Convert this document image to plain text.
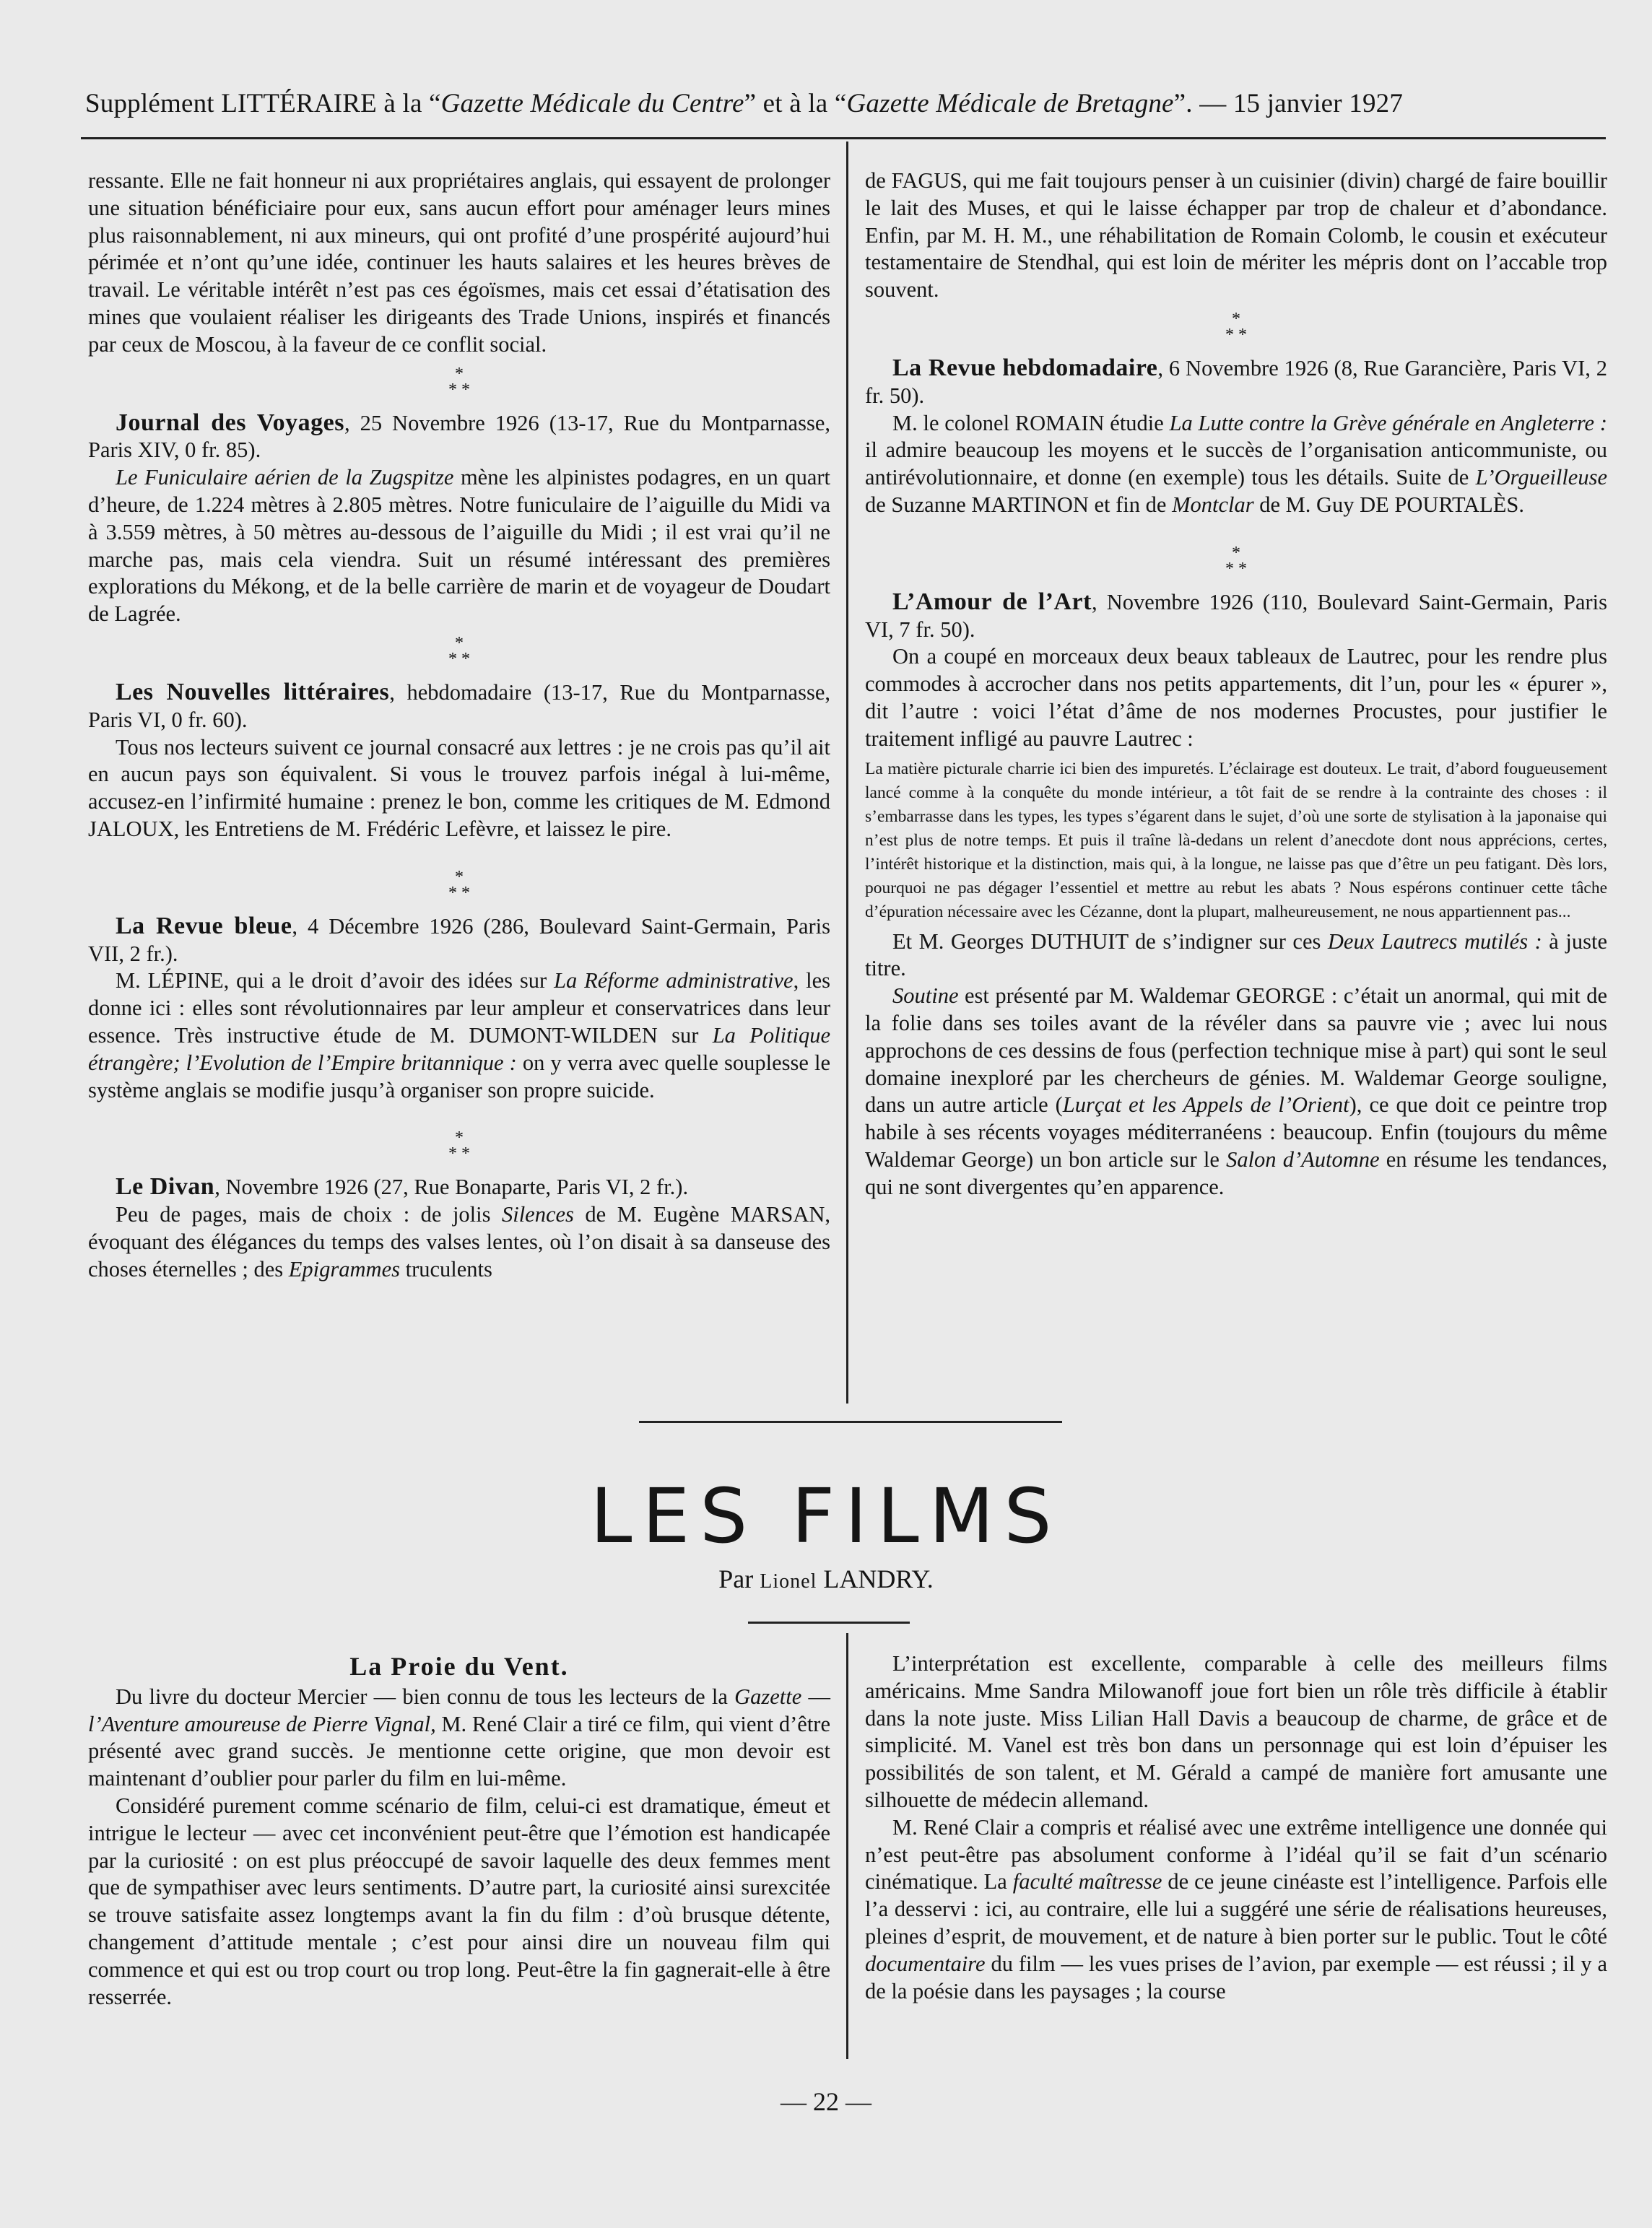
Supplément LITTÉRAIRE à la “Gazette Médicale du Centre” et à la “Gazette Médicale de Bretagne”. — 15 janvier 1927

ressante. Elle ne fait honneur ni aux propriétaires anglais, qui essayent de prolonger une situation bénéficiaire pour eux, sans aucun effort pour aménager leurs mines plus raisonnablement, ni aux mineurs, qui ont profité d’une prospérité aujourd’hui périmée et n’ont qu’une idée, continuer les hauts salaires et les heures brèves de travail. Le véritable intérêt n’est pas ces égoïsmes, mais cet essai d’étatisation des mines que voulaient réaliser les dirigeants des Trade Unions, inspirés et financés par ceux de Moscou, à la faveur de ce conflit social.

*
* *

Journal des Voyages, 25 Novembre 1926 (13-17, Rue du Montparnasse, Paris XIV, 0 fr. 85).

Le Funiculaire aérien de la Zugspitze mène les alpinistes podagres, en un quart d’heure, de 1.224 mètres à 2.805 mètres. Notre funiculaire de l’aiguille du Midi va à 3.559 mètres, à 50 mètres au-dessous de l’aiguille du Midi ; il est vrai qu’il ne marche pas, mais cela viendra. Suit un résumé intéressant des premières explorations du Mékong, et de la belle carrière de marin et de voyageur de Doudart de Lagrée.

*
* *

Les Nouvelles littéraires, hebdomadaire (13-17, Rue du Montparnasse, Paris VI, 0 fr. 60).

Tous nos lecteurs suivent ce journal consacré aux lettres : je ne crois pas qu’il ait en aucun pays son équivalent. Si vous le trouvez parfois inégal à lui-même, accusez-en l’infirmité humaine : prenez le bon, comme les critiques de M. Edmond JALOUX, les Entretiens de M. Frédéric Lefèvre, et laissez le pire.

*
* *

La Revue bleue, 4 Décembre 1926 (286, Boulevard Saint-Germain, Paris VII, 2 fr.).

M. LÉPINE, qui a le droit d’avoir des idées sur La Réforme administrative, les donne ici : elles sont révolutionnaires par leur ampleur et conservatrices dans leur essence. Très instructive étude de M. DUMONT-WILDEN sur La Politique étrangère; l’Evolution de l’Empire britannique : on y verra avec quelle souplesse le système anglais se modifie jusqu’à organiser son propre suicide.

*
* *

Le Divan, Novembre 1926 (27, Rue Bonaparte, Paris VI, 2 fr.).

Peu de pages, mais de choix : de jolis Silences de M. Eugène MARSAN, évoquant des élégances du temps des valses lentes, où l’on disait à sa danseuse des choses éternelles ; des Epigrammes truculents

de FAGUS, qui me fait toujours penser à un cuisinier (divin) chargé de faire bouillir le lait des Muses, et qui le laisse échapper par trop de chaleur et d’abondance. Enfin, par M. H. M., une réhabilitation de Romain Colomb, le cousin et exécuteur testamentaire de Stendhal, qui est loin de mériter les mépris dont on l’accable trop souvent.

*
* *

La Revue hebdomadaire, 6 Novembre 1926 (8, Rue Garancière, Paris VI, 2 fr. 50).

M. le colonel ROMAIN étudie La Lutte contre la Grève générale en Angleterre : il admire beaucoup les moyens et le succès de l’organisation anticommuniste, ou antirévolutionnaire, et donne (en exemple) tous les détails. Suite de L’Orgueilleuse de Suzanne MARTINON et fin de Montclar de M. Guy DE POURTALÈS.

*
* *

L’Amour de l’Art, Novembre 1926 (110, Boulevard Saint-Germain, Paris VI, 7 fr. 50).

On a coupé en morceaux deux beaux tableaux de Lautrec, pour les rendre plus commodes à accrocher dans nos petits appartements, dit l’un, pour les « épurer », dit l’autre : voici l’état d’âme de nos modernes Procustes, pour justifier le traitement infligé au pauvre Lautrec :

La matière picturale charrie ici bien des impuretés. L’éclairage est douteux. Le trait, d’abord fougueusement lancé comme à la conquête du monde intérieur, a tôt fait de se rendre à la contrainte des choses : il s’embarrasse dans les types, les types s’égarent dans le sujet, d’où une sorte de stylisation à la japonaise qui n’est plus de notre temps. Et puis il traîne là-dedans un relent d’anecdote dont nous apprécions, certes, l’intérêt historique et la distinction, mais qui, à la longue, ne laisse pas que d’être un peu fatigant. Dès lors, pourquoi ne pas dégager l’essentiel et mettre au rebut les abats ? Nous espérons continuer cette tâche d’épuration nécessaire avec les Cézanne, dont la plupart, malheureusement, ne nous appartiennent pas...

Et M. Georges DUTHUIT de s’indigner sur ces Deux Lautrecs mutilés : à juste titre.

Soutine est présenté par M. Waldemar GEORGE : c’était un anormal, qui mit de la folie dans ses toiles avant de la révéler dans sa pauvre vie ; avec lui nous approchons de ces dessins de fous (perfection technique mise à part) qui sont le seul domaine inexploré par les chercheurs de génies. M. Waldemar George souligne, dans un autre article (Lurçat et les Appels de l’Orient), ce que doit ce peintre trop habile à ses récents voyages méditerranéens : beaucoup. Enfin (toujours du même Waldemar George) un bon article sur le Salon d’Automne en résume les tendances, qui ne sont divergentes qu’en apparence.

LES FILMS
Par Lionel LANDRY.
La Proie du Vent.

Du livre du docteur Mercier — bien connu de tous les lecteurs de la Gazette — l’Aventure amoureuse de Pierre Vignal, M. René Clair a tiré ce film, qui vient d’être présenté avec grand succès. Je mentionne cette origine, que mon devoir est maintenant d’oublier pour parler du film en lui-même.

Considéré purement comme scénario de film, celui-ci est dramatique, émeut et intrigue le lecteur — avec cet inconvénient peut-être que l’émotion est handicapée par la curiosité : on est plus préoccupé de savoir laquelle des deux femmes ment que de sympathiser avec leurs sentiments. D’autre part, la curiosité ainsi surexcitée se trouve satisfaite assez longtemps avant la fin du film : d’où brusque détente, changement d’attitude mentale ; c’est pour ainsi dire un nouveau film qui commence et qui est ou trop court ou trop long. Peut-être la fin gagnerait-elle à être resserrée.

L’interprétation est excellente, comparable à celle des meilleurs films américains. Mme Sandra Milowanoff joue fort bien un rôle très difficile à établir dans la note juste. Miss Lilian Hall Davis a beaucoup de charme, de grâce et de simplicité. M. Vanel est très bon dans un personnage qui est loin d’épuiser les possibilités de son talent, et M. Gérald a campé de manière fort amusante une silhouette de médecin allemand.

M. René Clair a compris et réalisé avec une extrême intelligence une donnée qui n’est peut-être pas absolument conforme à l’idéal qu’il se fait d’un scénario cinématique. La faculté maîtresse de ce jeune cinéaste est l’intelligence. Parfois elle l’a desservi : ici, au contraire, elle lui a suggéré une série de réalisations heureuses, pleines d’esprit, de mouvement, et de nature à bien porter sur le public. Tout le côté documentaire du film — les vues prises de l’avion, par exemple — est réussi ; il y a de la poésie dans les paysages ; la course

— 22 —
